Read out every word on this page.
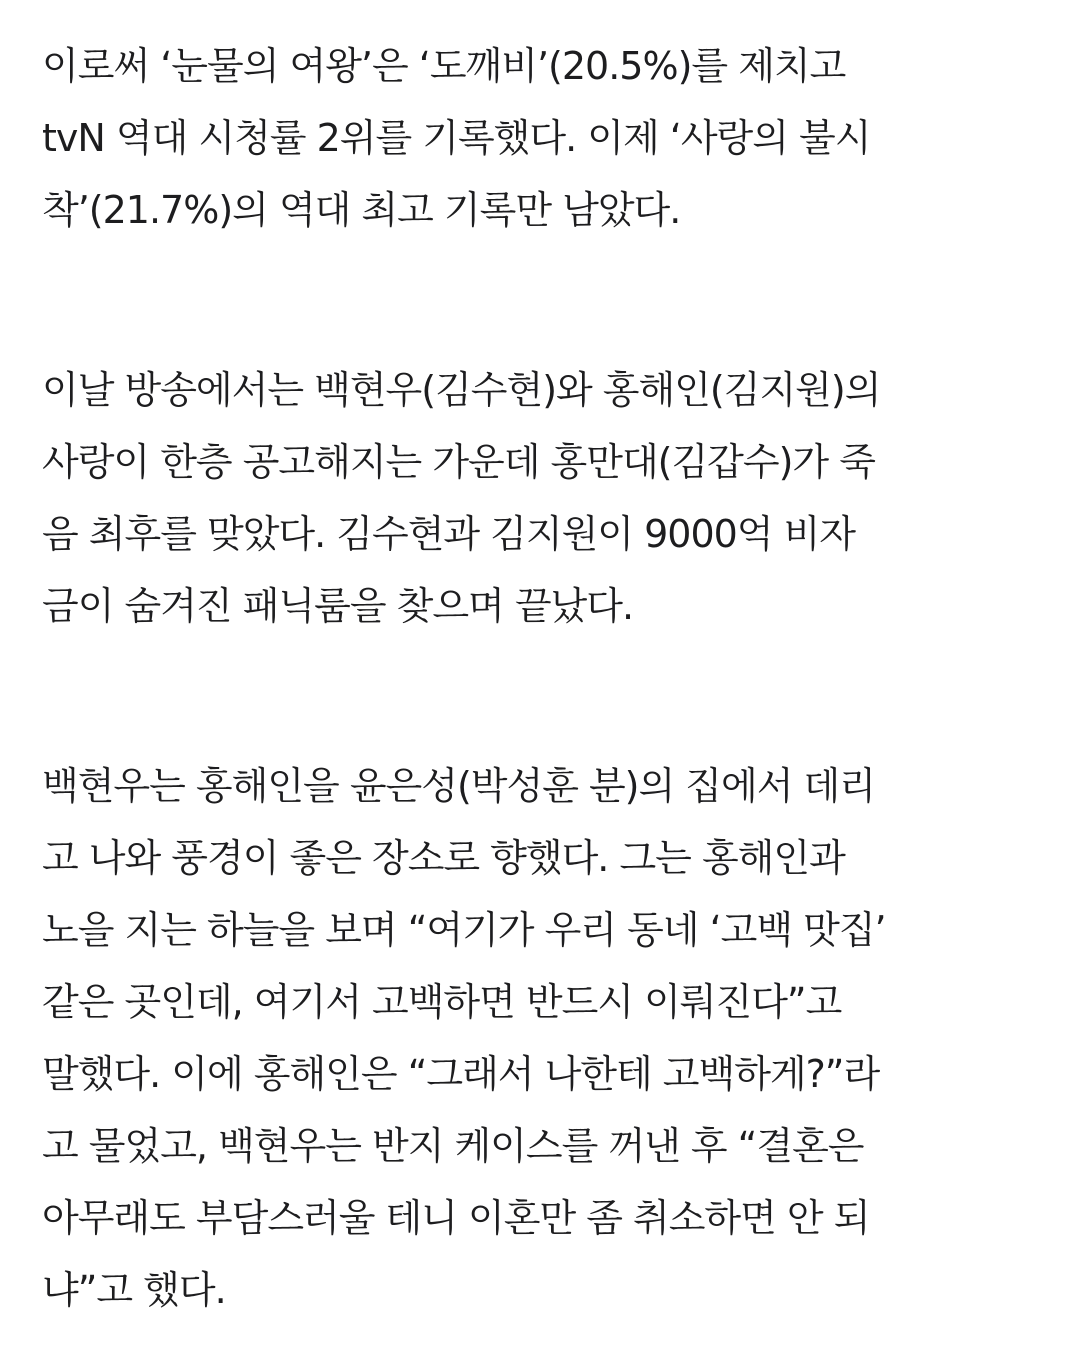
이로써 ‘눈물의 여왕’은 ‘도깨비’(20.5%)를 제치고
tvN 역대 시청률 2위를 기록했다. 이제 ‘사랑의 불시
착’(21.7%)의 역대 최고 기록만 남았다.

이날 방송에서는 백현우(김수현)와 홍해인(김지원)의
사랑이 한층 공고해지는 가운데 홍만대(김갑수)가 죽
음 최후를 맞았다. 김수현과 김지원이 9000억 비자
금이 숨겨진 패닉룸을 찾으며 끝났다.

백현우는 홍해인을 윤은성(박성훈 분)의 집에서 데리
고 나와 풍경이 좋은 장소로 향했다. 그는 홍해인과
노을 지는 하늘을 보며 “여기가 우리 동네 ‘고백 맛집’
같은 곳인데, 여기서 고백하면 반드시 이뤄진다”고
말했다. 이에 홍해인은 “그래서 나한테 고백하게?”라
고 물었고, 백현우는 반지 케이스를 꺼낸 후 “결혼은
아무래도 부담스러울 테니 이혼만 좀 취소하면 안 되
냐”고 했다.
